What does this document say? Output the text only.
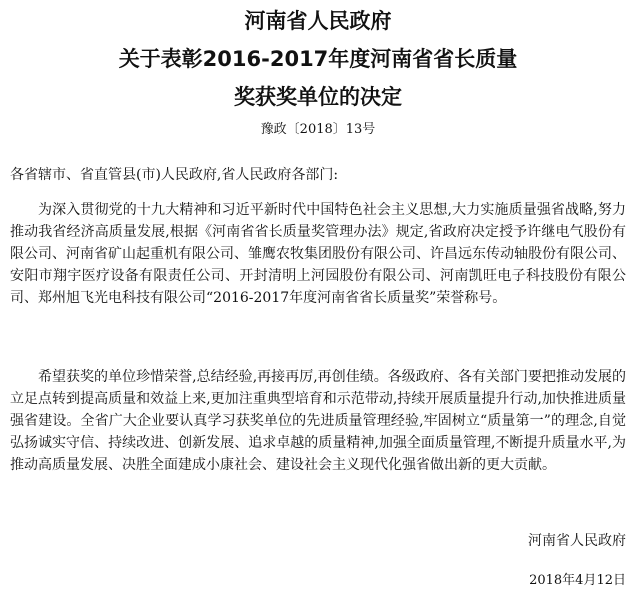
河南省人民政府
关于表彰2016-2017年度河南省省长质量
奖获奖单位的决定
豫政〔2018〕13号
各省辖市、省直管县(市)人民政府,省人民政府各部门:

为深入贯彻党的十九大精神和习近平新时代中国特色社会主义思想,大力实施质量强省战略,努力推动我省经济高质量发展,根据《河南省省长质量奖管理办法》规定,省政府决定授予许继电气股份有限公司、河南省矿山起重机有限公司、雏鹰农牧集团股份有限公司、许昌远东传动轴股份有限公司、安阳市翔宇医疗设备有限责任公司、开封清明上河园股份有限公司、河南凯旺电子科技股份有限公司、郑州旭飞光电科技有限公司“2016-2017年度河南省省长质量奖”荣誉称号。

希望获奖的单位珍惜荣誉,总结经验,再接再厉,再创佳绩。各级政府、各有关部门要把推动发展的立足点转到提高质量和效益上来,更加注重典型培育和示范带动,持续开展质量提升行动,加快推进质量强省建设。全省广大企业要认真学习获奖单位的先进质量管理经验,牢固树立“质量第一”的理念,自觉弘扬诚实守信、持续改进、创新发展、追求卓越的质量精神,加强全面质量管理,不断提升质量水平,为推动高质量发展、决胜全面建成小康社会、建设社会主义现代化强省做出新的更大贡献。

河南省人民政府
2018年4月12日
